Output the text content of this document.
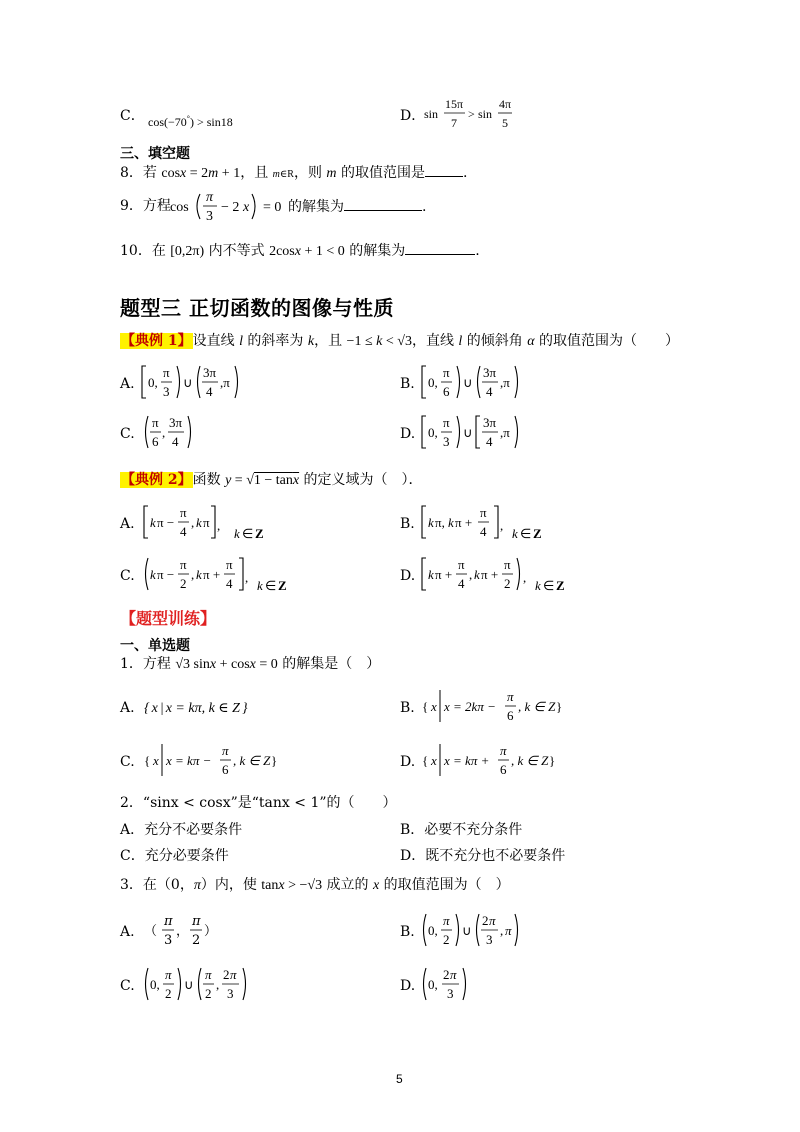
C． cos(−70°) > sin18	D．
sin
15π
7
> sin
4π
5
三、填空题
8．若 cosx = 2m + 1，且 m∈R，则 m 的取值范围是	.
9．方程 cos
π
3
− 2 x = 0 的解集为	.
10．在 [0,2π) 内不等式 2cosx + 1 < 0 的解集为	.
题型三 正切函数的图像与性质
【典例 1】设直线 l 的斜率为 k，且 −1 ≤ k < √3，直线 l 的倾斜角 α 的取值范围为（　　）
A. 0,
π
3
∪
3π
4
,π	B. 0,
π
6
∪
3π
4
,π
C.
π
6
,
3π
4	D. 0,
π
3
∪
3π
4
,π
【典例 2】函数 y = √1 − tanx 的定义域为（　）．
A. k π −
π
4
, k π ,
k ∈ Z
B. k π, k π +
π
4 ,
k ∈ Z
C. k π −
π
2
, k π +
π
4 ,
k ∈ Z
D. k π +
π
4
, k π +
π
2 ,
k ∈ Z
【题型训练】
一、单选题
1．方程 √3 sinx + cosx = 0 的解集是（　）
A. { x | x = kπ, k ∈ Z }	B. { x x = 2kπ −
π
6
, k ∈ Z }
C. { x x = kπ −
π
6
, k ∈ Z }	D. { x x = kπ +
π
6
, k ∈ Z }
2．“sinx < cosx”是“tanx < 1”的（　　）
A．充分不必要条件	B．必要不充分条件
C．充分必要条件	D．既不充分也不必要条件
3．在（0，π）内，使 tanx > −√3 成立的 x 的取值范围为（　）
A. （
π
3
，
π
2
）	B. 0,
π
2
∪
2 π
3
, π
C. 0,
π
2
∪
π
2
,
2 π
3	D. 0,
2 π
3
5
